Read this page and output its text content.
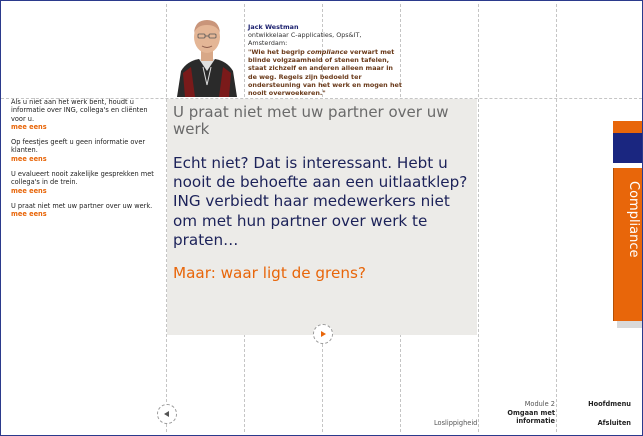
Als u niet aan het werk bent, houdt u informatie over ING, collega's en cliënten voor u.
mee eens
Op feestjes geeft u geen informatie over klanten.
mee eens
U evalueert nooit zakelijke gesprekken met collega's in de trein.
mee eens
U praat niet met uw partner over uw werk.
mee eens
Jack Westman
ontwikkelaar C-applicaties, Ops&IT,
Amsterdam:
"Wie het begrip compliance verwart met blinde volgzaamheid of stenen tafelen, staat zichzelf en anderen alleen maar in de weg. Regels zijn bedoeld ter ondersteuning van het werk en mogen het nooit overwoekeren."
U praat niet met uw partner over uw werk
Echt niet? Dat is interessant. Hebt u nooit de behoefte aan een uitlaatklep? ING verbiedt haar medewerkers niet om met hun partner over werk te praten…
Maar: waar ligt de grens?
Compliance
Loslippigheid
Module 2
Omgaan met
informatie
Hoofdmenu
Afsluiten
